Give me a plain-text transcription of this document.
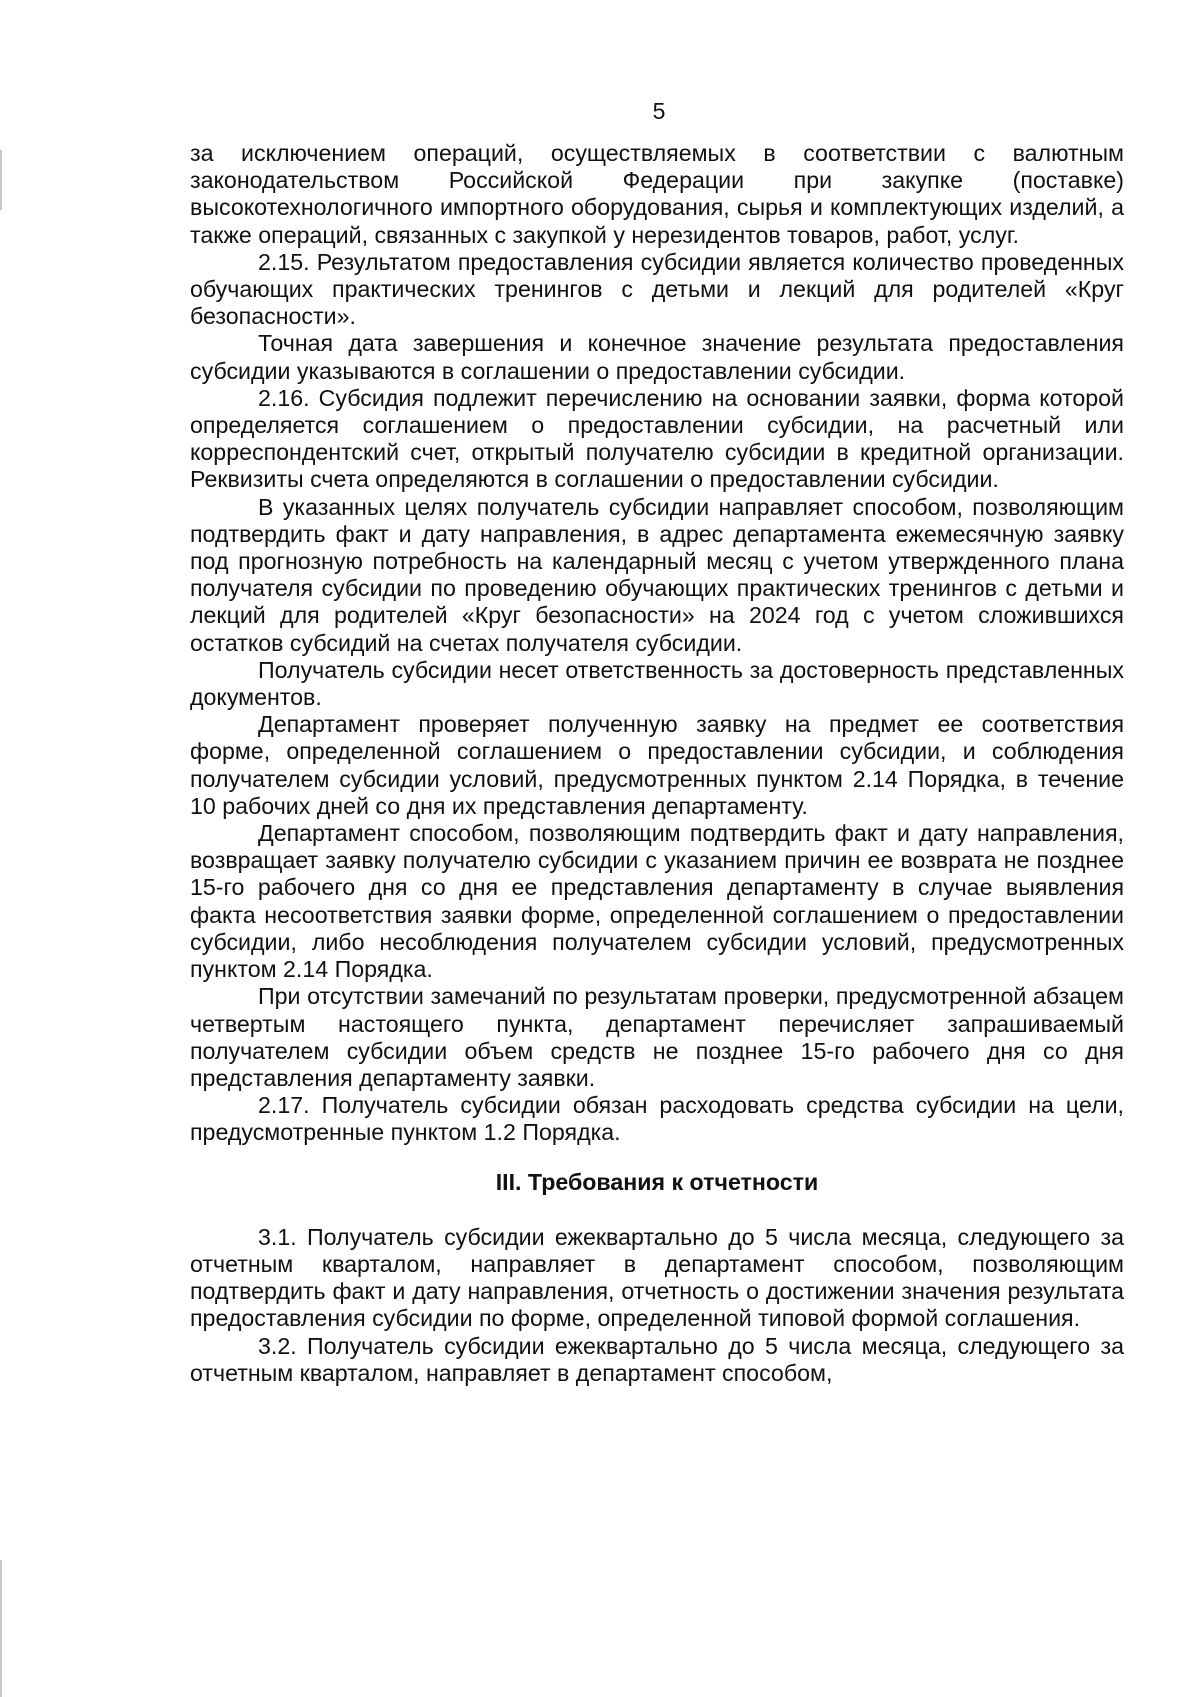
5

за исключением операций, осуществляемых в соответствии с валютным законодательством Российской Федерации при закупке (поставке) высокотехнологичного импортного оборудования, сырья и комплектующих изделий, а также операций, связанных с закупкой у нерезидентов товаров, работ, услуг.

2.15. Результатом предоставления субсидии является количество проведенных обучающих практических тренингов с детьми и лекций для родителей «Круг безопасности».

Точная дата завершения и конечное значение результата предоставления субсидии указываются в соглашении о предоставлении субсидии.

2.16. Субсидия подлежит перечислению на основании заявки, форма которой определяется соглашением о предоставлении субсидии, на расчетный или корреспондентский счет, открытый получателю субсидии в кредитной организации. Реквизиты счета определяются в соглашении о предоставлении субсидии.

В указанных целях получатель субсидии направляет способом, позволяющим подтвердить факт и дату направления, в адрес департамента ежемесячную заявку под прогнозную потребность на календарный месяц с учетом утвержденного плана получателя субсидии по проведению обучающих практических тренингов с детьми и лекций для родителей «Круг безопасности» на 2024 год с учетом сложившихся остатков субсидий на счетах получателя субсидии.

Получатель субсидии несет ответственность за достоверность представленных документов.

Департамент проверяет полученную заявку на предмет ее соответствия форме, определенной соглашением о предоставлении субсидии, и соблюдения получателем субсидии условий, предусмотренных пунктом 2.14 Порядка, в течение 10 рабочих дней со дня их представления департаменту.

Департамент способом, позволяющим подтвердить факт и дату направления, возвращает заявку получателю субсидии с указанием причин ее возврата не позднее 15-го рабочего дня со дня ее представления департаменту в случае выявления факта несоответствия заявки форме, определенной соглашением о предоставлении субсидии, либо несоблюдения получателем субсидии условий, предусмотренных пунктом 2.14 Порядка.

При отсутствии замечаний по результатам проверки, предусмотренной абзацем четвертым настоящего пункта, департамент перечисляет запрашиваемый получателем субсидии объем средств не позднее 15-го рабочего дня со дня представления департаменту заявки.

2.17. Получатель субсидии обязан расходовать средства субсидии на цели, предусмотренные пунктом 1.2 Порядка.

III. Требования к отчетности

3.1. Получатель субсидии ежеквартально до 5 числа месяца, следующего за отчетным кварталом, направляет в департамент способом, позволяющим подтвердить факт и дату направления, отчетность о достижении значения результата предоставления субсидии по форме, определенной типовой формой соглашения.

3.2. Получатель субсидии ежеквартально до 5 числа месяца, следующего за отчетным кварталом, направляет в департамент способом,
